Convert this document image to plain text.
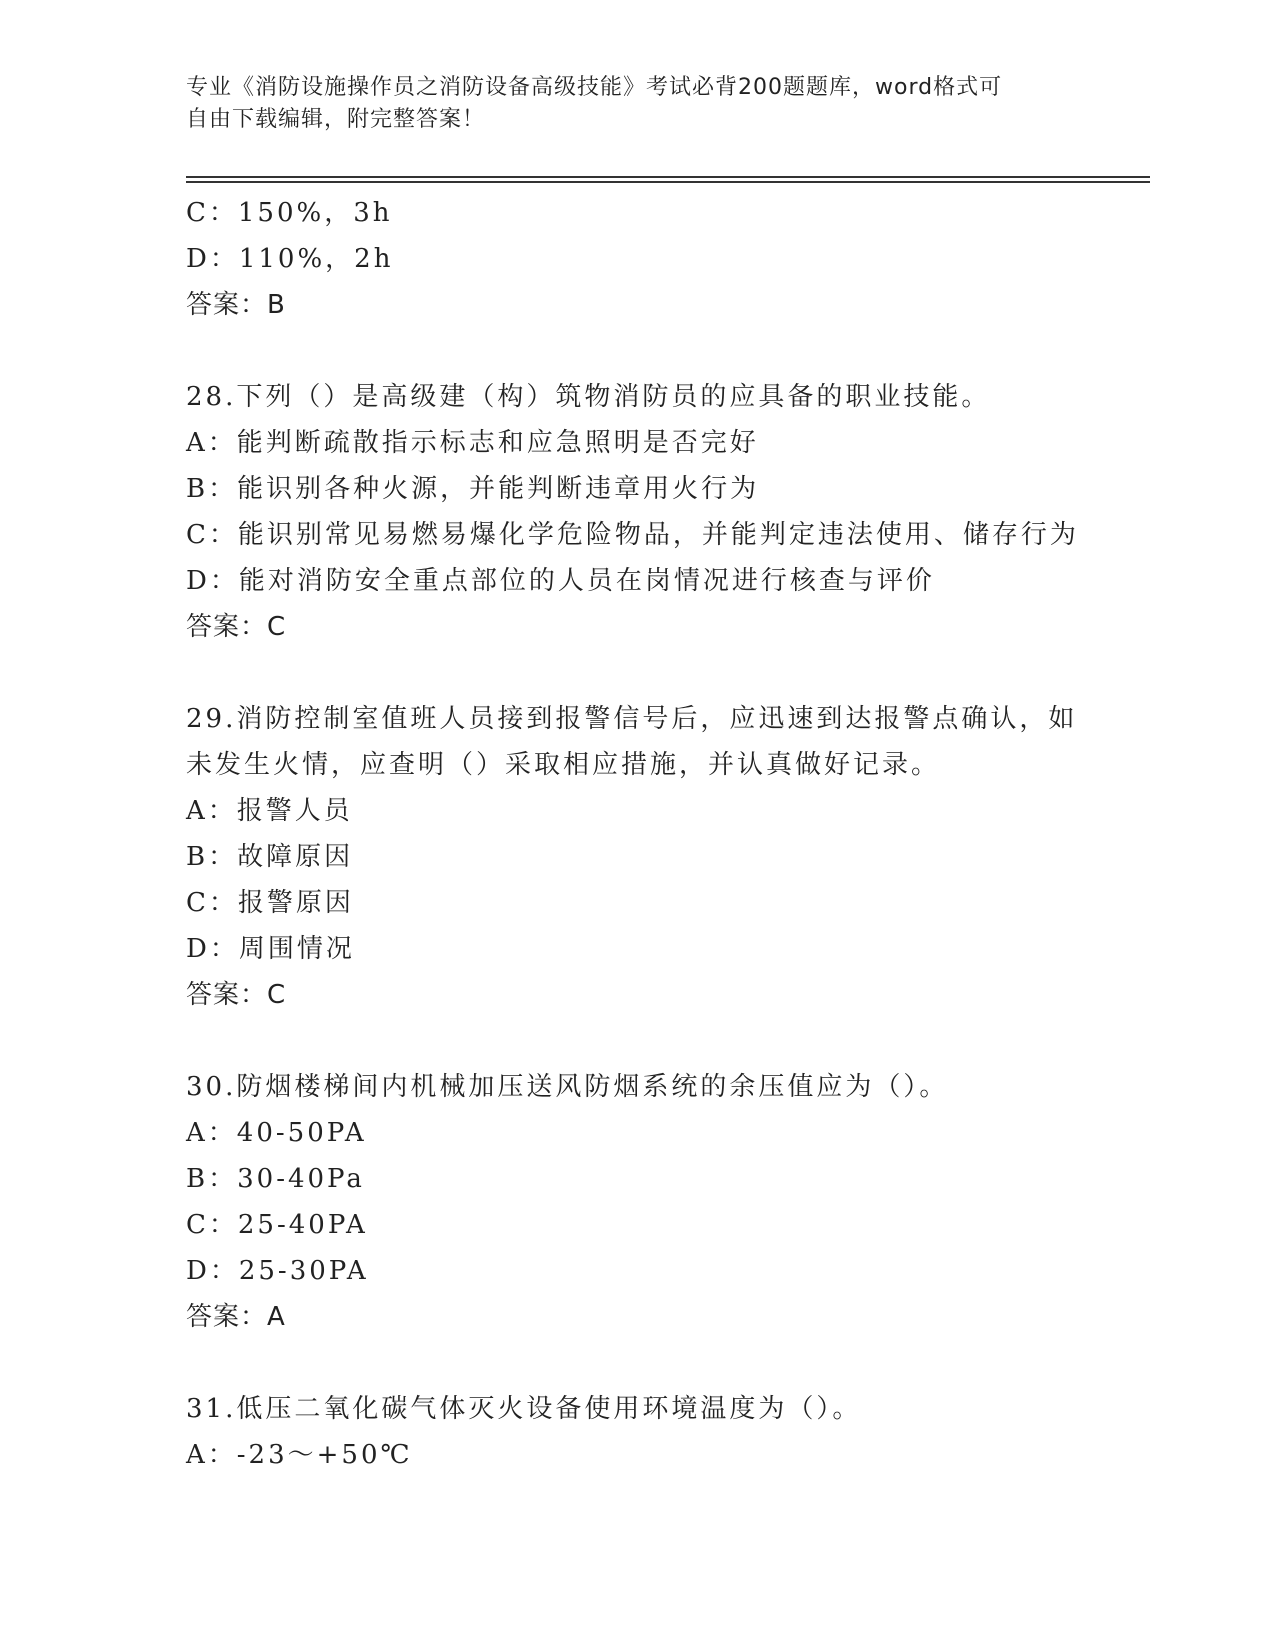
专业《消防设施操作员之消防设备高级技能》考试必背200题题库，word格式可
自由下载编辑，附完整答案！
C：150%，3h
D：110%，2h
答案：B
28.下列（）是高级建（构）筑物消防员的应具备的职业技能。
A：能判断疏散指示标志和应急照明是否完好
B：能识别各种火源，并能判断违章用火行为
C：能识别常见易燃易爆化学危险物品，并能判定违法使用、储存行为
D：能对消防安全重点部位的人员在岗情况进行核查与评价
答案：C
29.消防控制室值班人员接到报警信号后，应迅速到达报警点确认，如
未发生火情，应查明（）采取相应措施，并认真做好记录。
A：报警人员
B：故障原因
C：报警原因
D：周围情况
答案：C
30.防烟楼梯间内机械加压送风防烟系统的余压值应为（）。
A：40-50PA
B：30-40Pa
C：25-40PA
D：25-30PA
答案：A
31.低压二氧化碳气体灭火设备使用环境温度为（）。
A：-23～+50℃
